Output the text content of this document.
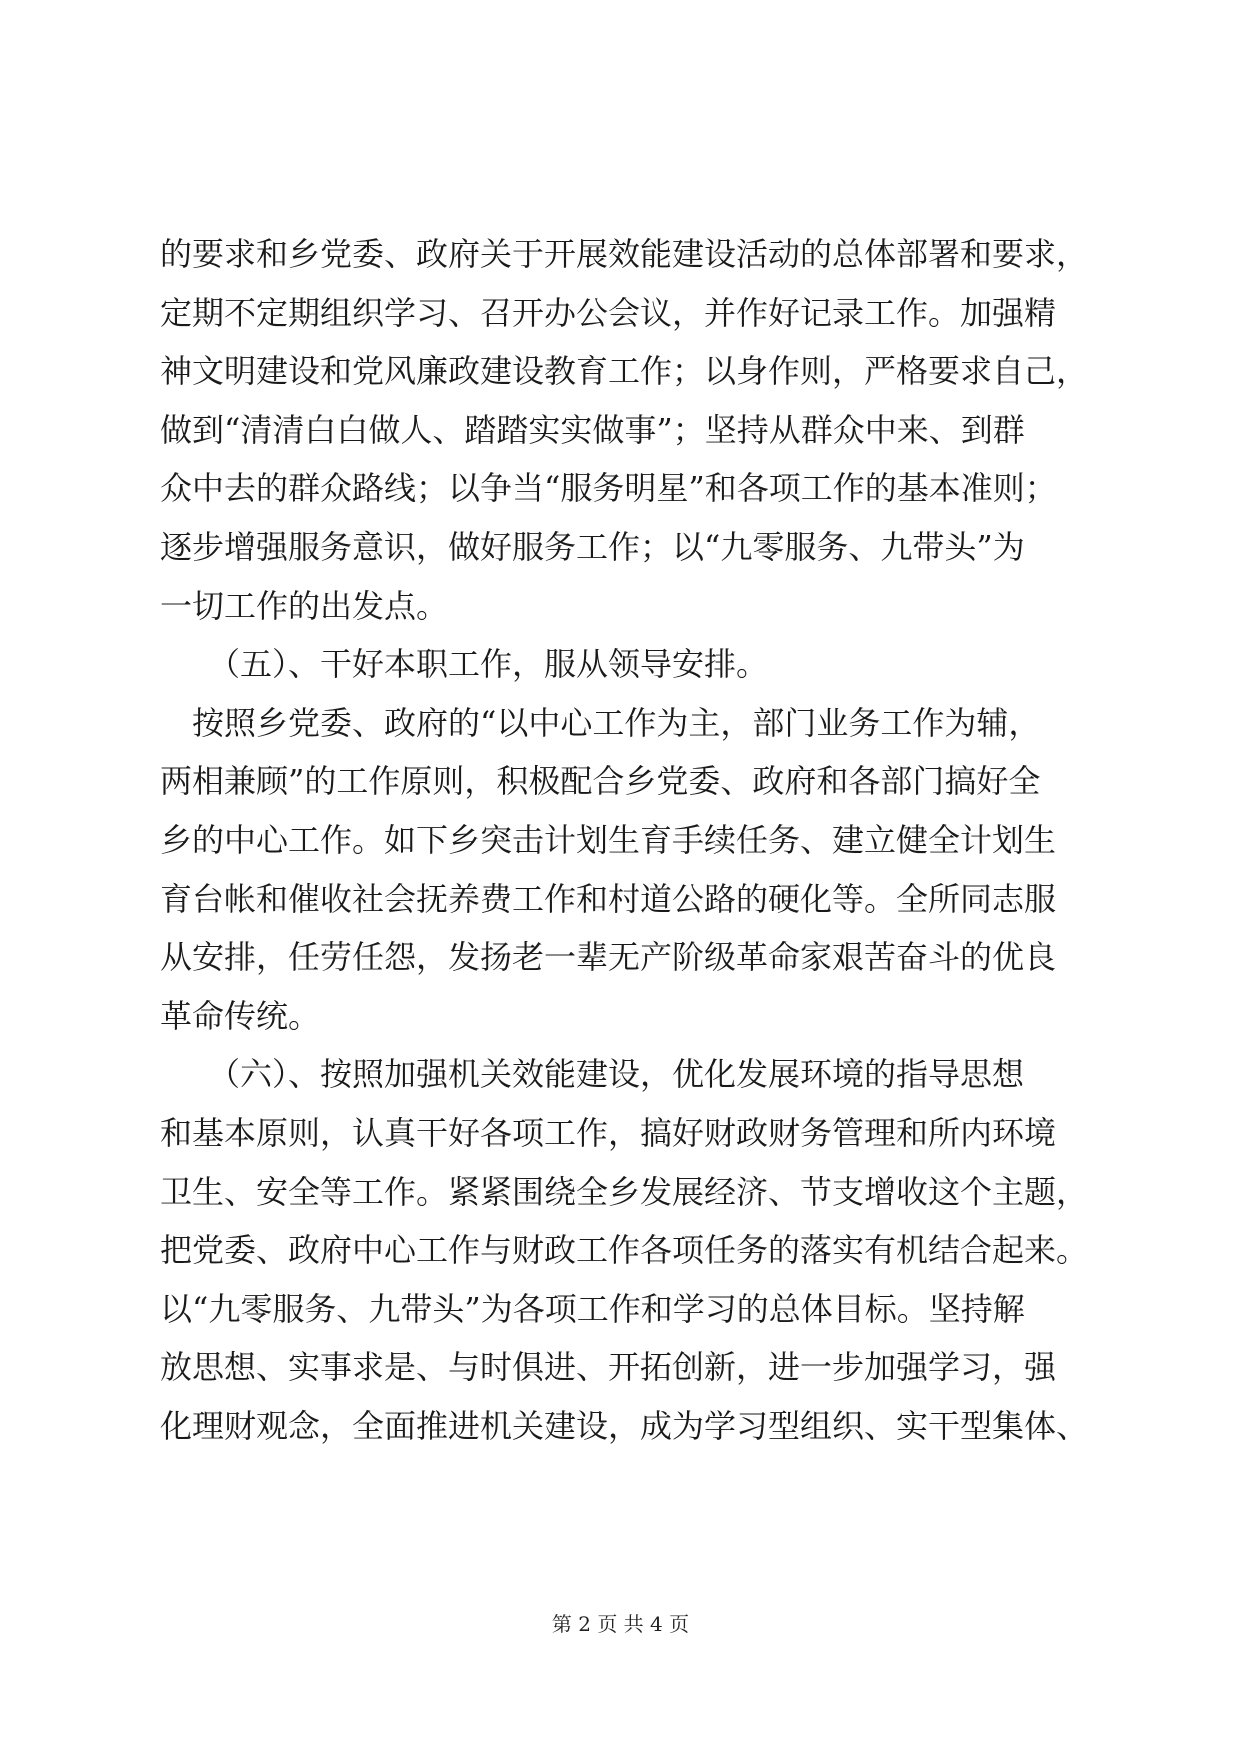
的要求和乡党委、政府关于开展效能建设活动的总体部署和要求，
定期不定期组织学习、召开办公会议，并作好记录工作。加强精
神文明建设和党风廉政建设教育工作；以身作则，严格要求自己，
做到“清清白白做人、踏踏实实做事”；坚持从群众中来、到群
众中去的群众路线；以争当“服务明星”和各项工作的基本准则；
逐步增强服务意识，做好服务工作；以“九零服务、九带头”为
一切工作的出发点。
　　（五）、干好本职工作，服从领导安排。
　按照乡党委、政府的“以中心工作为主，部门业务工作为辅，
两相兼顾”的工作原则，积极配合乡党委、政府和各部门搞好全
乡的中心工作。如下乡突击计划生育手续任务、建立健全计划生
育台帐和催收社会抚养费工作和村道公路的硬化等。全所同志服
从安排，任劳任怨，发扬老一辈无产阶级革命家艰苦奋斗的优良
革命传统。
　　（六）、按照加强机关效能建设，优化发展环境的指导思想
和基本原则，认真干好各项工作，搞好财政财务管理和所内环境
卫生、安全等工作。紧紧围绕全乡发展经济、节支增收这个主题，
把党委、政府中心工作与财政工作各项任务的落实有机结合起来。
以“九零服务、九带头”为各项工作和学习的总体目标。坚持解
放思想、实事求是、与时俱进、开拓创新，进一步加强学习，强
化理财观念，全面推进机关建设，成为学习型组织、实干型集体、
第 2 页 共 4 页
